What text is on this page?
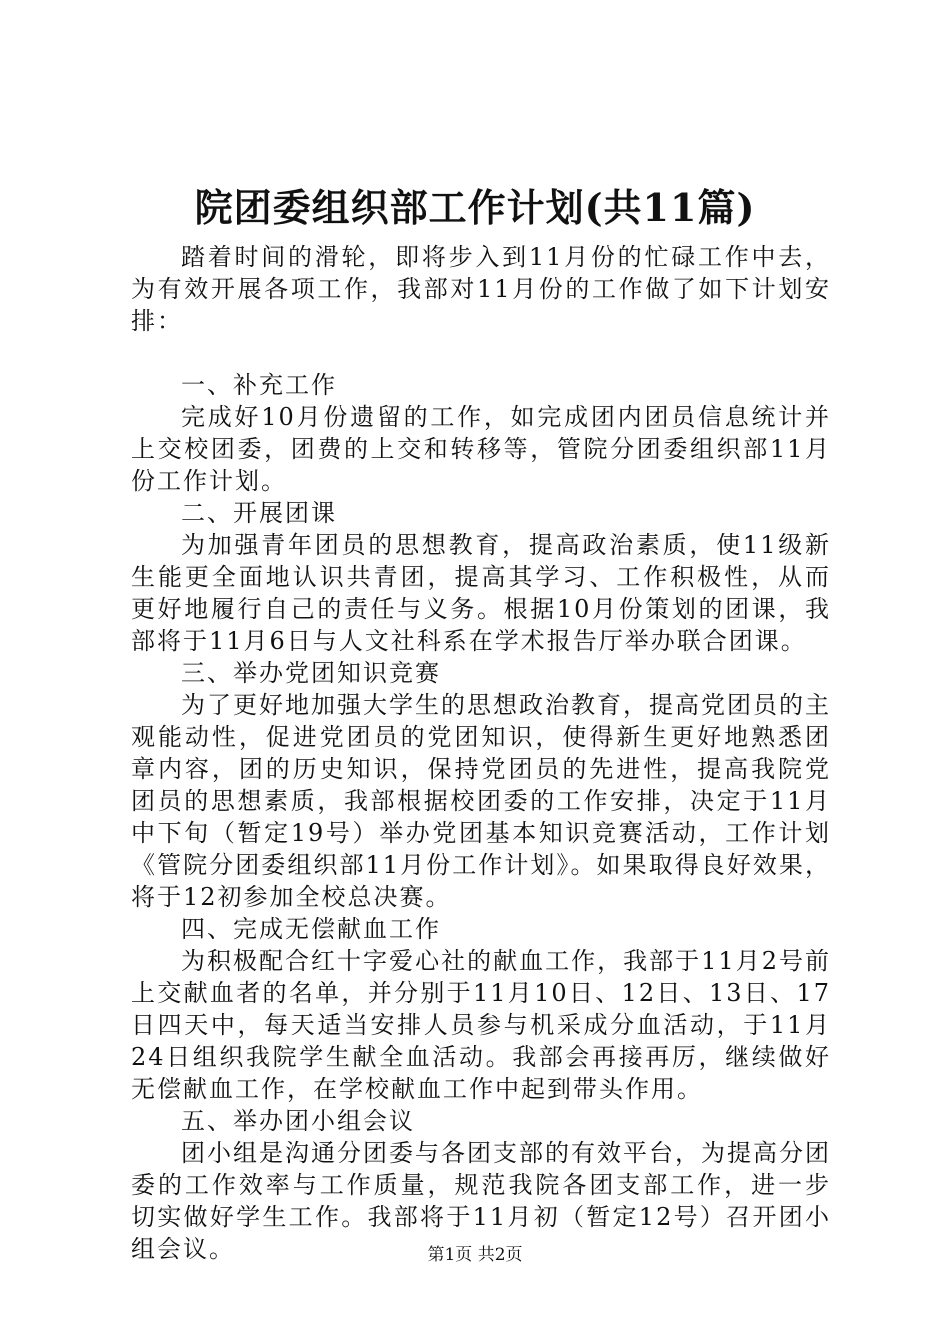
院团委组织部工作计划(共11篇)

踏着时间的滑轮，即将步入到11月份的忙碌工作中去，为有效开展各项工作，我部对11月份的工作做了如下计划安排：

一、补充工作

完成好10月份遗留的工作，如完成团内团员信息统计并上交校团委，团费的上交和转移等，管院分团委组织部11月份工作计划。

二、开展团课

为加强青年团员的思想教育，提高政治素质，使11级新生能更全面地认识共青团，提高其学习、工作积极性，从而更好地履行自己的责任与义务。根据10月份策划的团课，我部将于11月6日与人文社科系在学术报告厅举办联合团课。

三、举办党团知识竞赛

为了更好地加强大学生的思想政治教育，提高党团员的主观能动性，促进党团员的党团知识，使得新生更好地熟悉团章内容，团的历史知识，保持党团员的先进性，提高我院党团员的思想素质，我部根据校团委的工作安排，决定于11月中下旬（暂定19号）举办党团基本知识竞赛活动，工作计划《管院分团委组织部11月份工作计划》。如果取得良好效果，将于12初参加全校总决赛。

四、完成无偿献血工作

为积极配合红十字爱心社的献血工作，我部于11月2号前上交献血者的名单，并分别于11月10日、12日、13日、17日四天中，每天适当安排人员参与机采成分血活动，于11月24日组织我院学生献全血活动。我部会再接再厉，继续做好无偿献血工作，在学校献血工作中起到带头作用。

五、举办团小组会议

团小组是沟通分团委与各团支部的有效平台，为提高分团委的工作效率与工作质量，规范我院各团支部工作，进一步切实做好学生工作。我部将于11月初（暂定12号）召开团小组会议。	第1页 共2页
